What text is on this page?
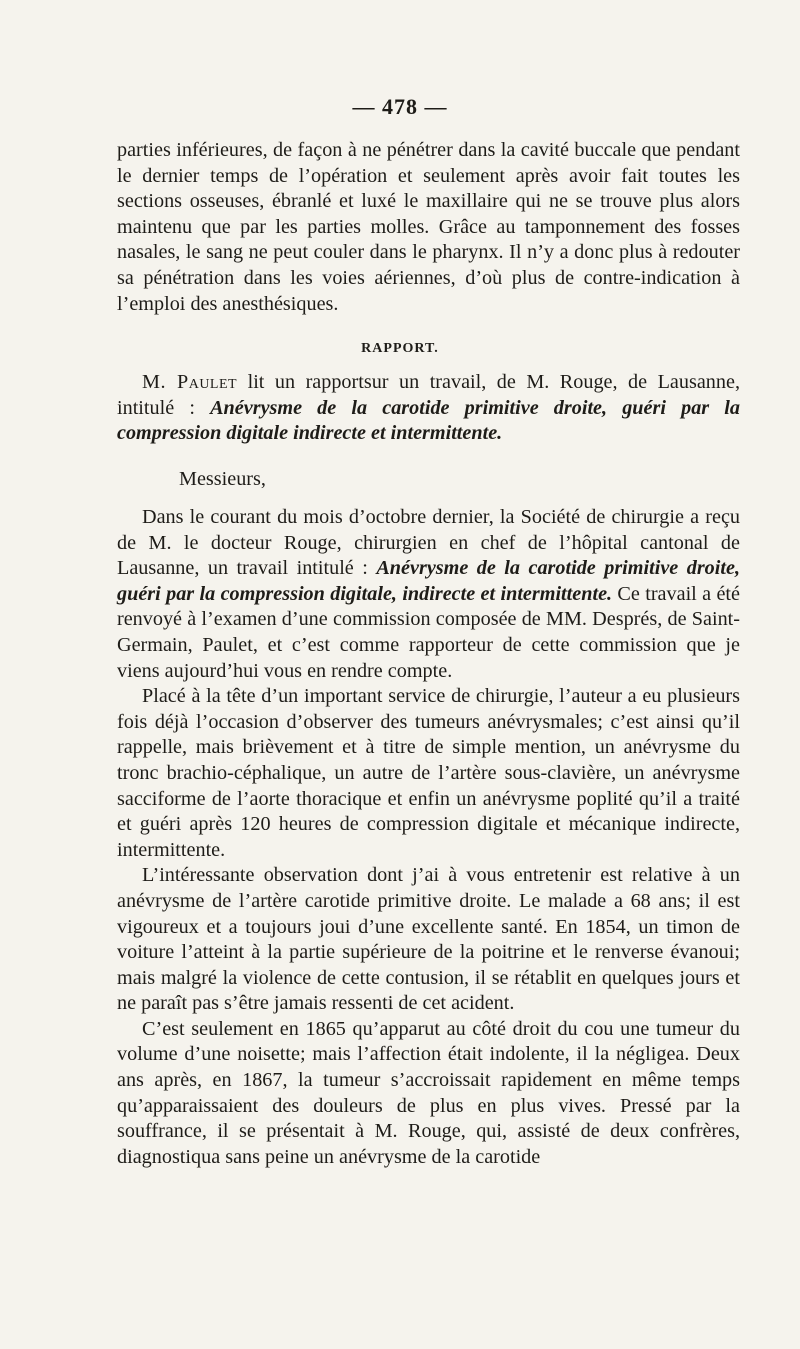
— 478 —

parties inférieures, de façon à ne pénétrer dans la cavité buccale que pendant le dernier temps de l’opération et seulement après avoir fait toutes les sections osseuses, ébranlé et luxé le maxillaire qui ne se trouve plus alors maintenu que par les parties molles. Grâce au tamponnement des fosses nasales, le sang ne peut couler dans le pharynx. Il n’y a donc plus à redouter sa pénétration dans les voies aériennes, d’où plus de contre-indication à l’emploi des anesthésiques.

RAPPORT.

M. Paulet lit un rapportsur un travail, de M. Rouge, de Lausanne, intitulé : Anévrysme de la carotide primitive droite, guéri par la compression digitale indirecte et intermittente.

Messieurs,

Dans le courant du mois d’octobre dernier, la Société de chirurgie a reçu de M. le docteur Rouge, chirurgien en chef de l’hôpital cantonal de Lausanne, un travail intitulé : Anévrysme de la carotide primitive droite, guéri par la compression digitale, indirecte et intermittente. Ce travail a été renvoyé à l’examen d’une commission composée de MM. Després, de Saint-Germain, Paulet, et c’est comme rapporteur de cette commission que je viens aujourd’hui vous en rendre compte.

Placé à la tête d’un important service de chirurgie, l’auteur a eu plusieurs fois déjà l’occasion d’observer des tumeurs anévrysmales; c’est ainsi qu’il rappelle, mais brièvement et à titre de simple mention, un anévrysme du tronc brachio-céphalique, un autre de l’artère sous-clavière, un anévrysme sacciforme de l’aorte thoracique et enfin un anévrysme poplité qu’il a traité et guéri après 120 heures de compression digitale et mécanique indirecte, intermittente.

L’intéressante observation dont j’ai à vous entretenir est relative à un anévrysme de l’artère carotide primitive droite. Le malade a 68 ans; il est vigoureux et a toujours joui d’une excellente santé. En 1854, un timon de voiture l’atteint à la partie supérieure de la poitrine et le renverse évanoui; mais malgré la violence de cette contusion, il se rétablit en quelques jours et ne paraît pas s’être jamais ressenti de cet acident.

C’est seulement en 1865 qu’apparut au côté droit du cou une tumeur du volume d’une noisette; mais l’affection était indolente, il la négligea. Deux ans après, en 1867, la tumeur s’accroissait rapidement en même temps qu’apparaissaient des douleurs de plus en plus vives. Pressé par la souffrance, il se présentait à M. Rouge, qui, assisté de deux confrères, diagnostiqua sans peine un anévrysme de la carotide
